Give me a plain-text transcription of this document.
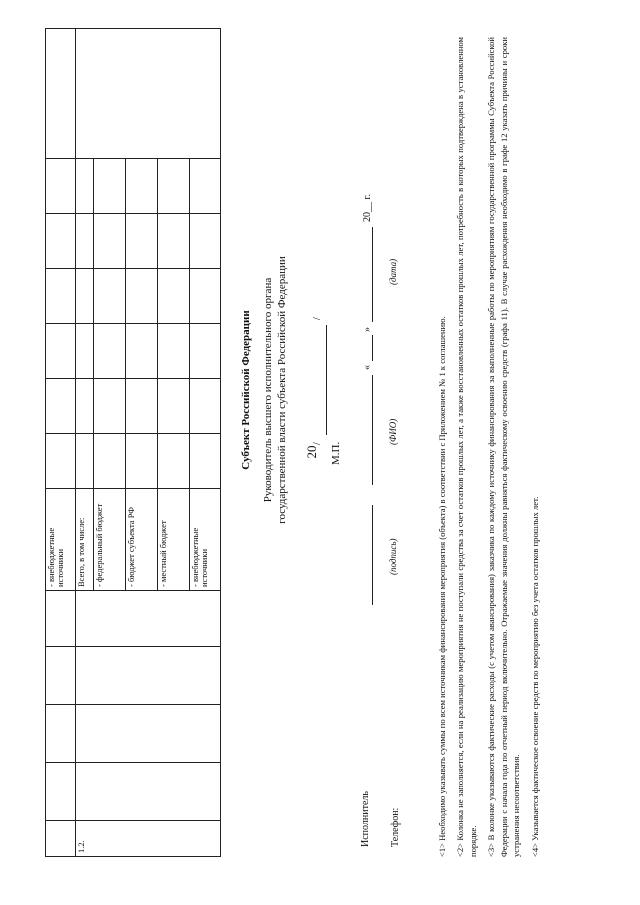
20
					- внебюджетные источники							
1.2.					Всего, в том числе:							
					- федеральный бюджет							
					- бюджет субъекта РФ							
					- местный бюджет							
					- внебюджетные источники							
Субъект Российской Федерации Руководитель высшего исполнительного органа государственной власти субъекта Российской Федерации /
/
М.П.
Исполнитель
«
»
20__ г.
Телефон:
(подпись)
(ФИО)
(дата)

<1> Необходимо указывать суммы по всем источникам финансирования мероприятия (объекта) в соответствии с Приложением № 1 к соглашению. <2> Колонка не заполняется, если на реализацию мероприятия не поступали средства за счет остатков прошлых лет, а также восстановленных остатков прошлых лет, потребность в которых подтверждена в установленном порядке. <3> В колонке указываются фактические расходы (с учетом авансирования) заказчика по каждому источнику финансирования за выполненные работы по мероприятиям государственной программы Субъекта Российской Федерации с начала года по отчетный период включительно. Отражаемые значения должны равняться фактическому освоению средств (графа 11). В случае расхождения необходимо в графе 12 указать причины и сроки устранения несоответствия. <4> Указывается фактическое освоение средств по мероприятию без учета остатков прошлых лет.
